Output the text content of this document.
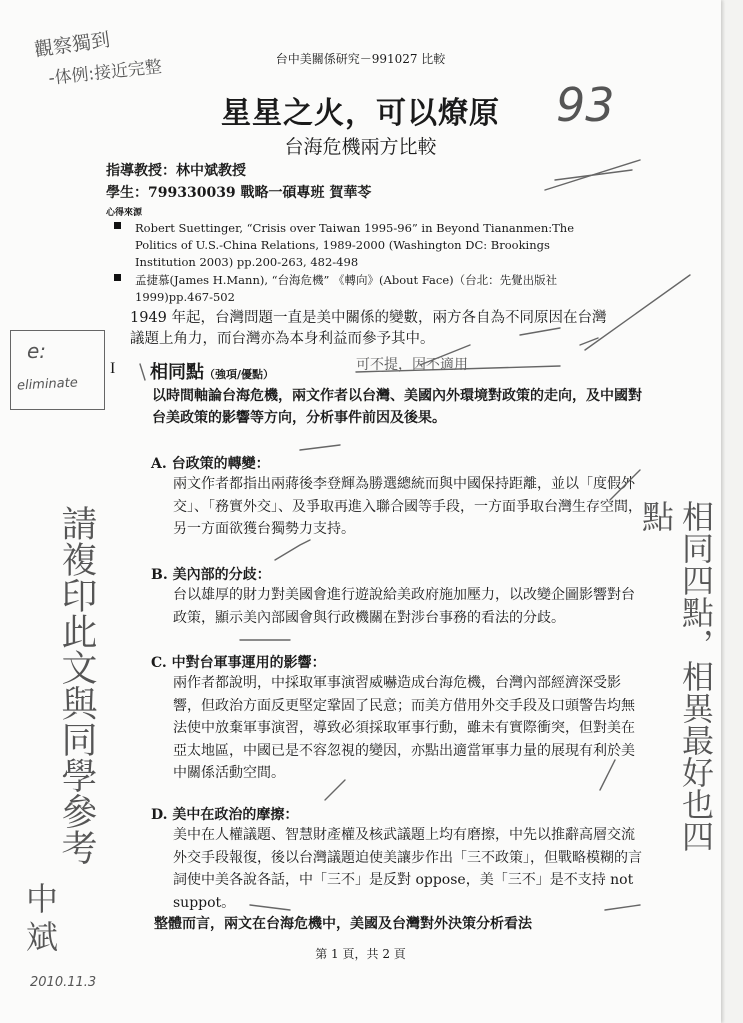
台中美關係研究－991027 比較
星星之火，可以燎原
台海危機兩方比較
指導教授：林中斌教授
學生：799330039 戰略一碩專班 賀華苓
心得來源
Robert Suettinger, “Crisis over Taiwan 1995-96” in Beyond Tiananmen:The Politics of U.S.-China Relations, 1989-2000 (Washington DC: Brookings Institution 2003) pp.200-263, 482-498
孟捷慕(James H.Mann), “台海危機” 《轉向》(About Face)（台北：先覺出版社 1999)pp.467-502
1949 年起，台灣問題一直是美中關係的變數，兩方各自為不同原因在台灣議題上角力，而台灣亦為本身利益而參予其中。
I 相同點（強項/優點）
以時間軸論台海危機，兩文作者以台灣、美國內外環境對政策的走向，及中國對台美政策的影響等方向，分析事件前因及後果。
A. 台政策的轉變：
兩文作者都指出兩蔣後李登輝為勝選總統而與中國保持距離，並以「度假外交」、「務實外交」、及爭取再進入聯合國等手段，一方面爭取台灣生存空間，另一方面欲獲台獨勢力支持。
B. 美內部的分歧：
台以雄厚的財力對美國會進行遊說給美政府施加壓力，以改變企圖影響對台政策，顯示美內部國會與行政機關在對涉台事務的看法的分歧。
C. 中對台軍事運用的影響：
兩作者都說明，中採取軍事演習威嚇造成台海危機，台灣內部經濟深受影響，但政治方面反更堅定鞏固了民意；而美方借用外交手段及口頭警告均無法使中放棄軍事演習，導致必須採取軍事行動，雖未有實際衝突，但對美在亞太地區，中國已是不容忽視的變因，亦點出適當軍事力量的展現有利於美中關係活動空間。
D. 美中在政治的摩擦：
美中在人權議題、智慧財產權及核武議題上均有磨擦，中先以推辭高層交流外交手段報復，後以台灣議題迫使美讓步作出「三不政策」，但戰略模糊的言詞使中美各說各話，中「三不」是反對 oppose，美「三不」是不支持 not suppot。
整體而言，兩文在台海危機中，美國及台灣對外決策分析看法
第 1 頁，共 2 頁
觀察獨到
-体例:接近完整
93
e:
eliminate
可不提，因不適用
請複印此文與同學參考	相同四點，相異最好也四點
中斌
2010.11.3
